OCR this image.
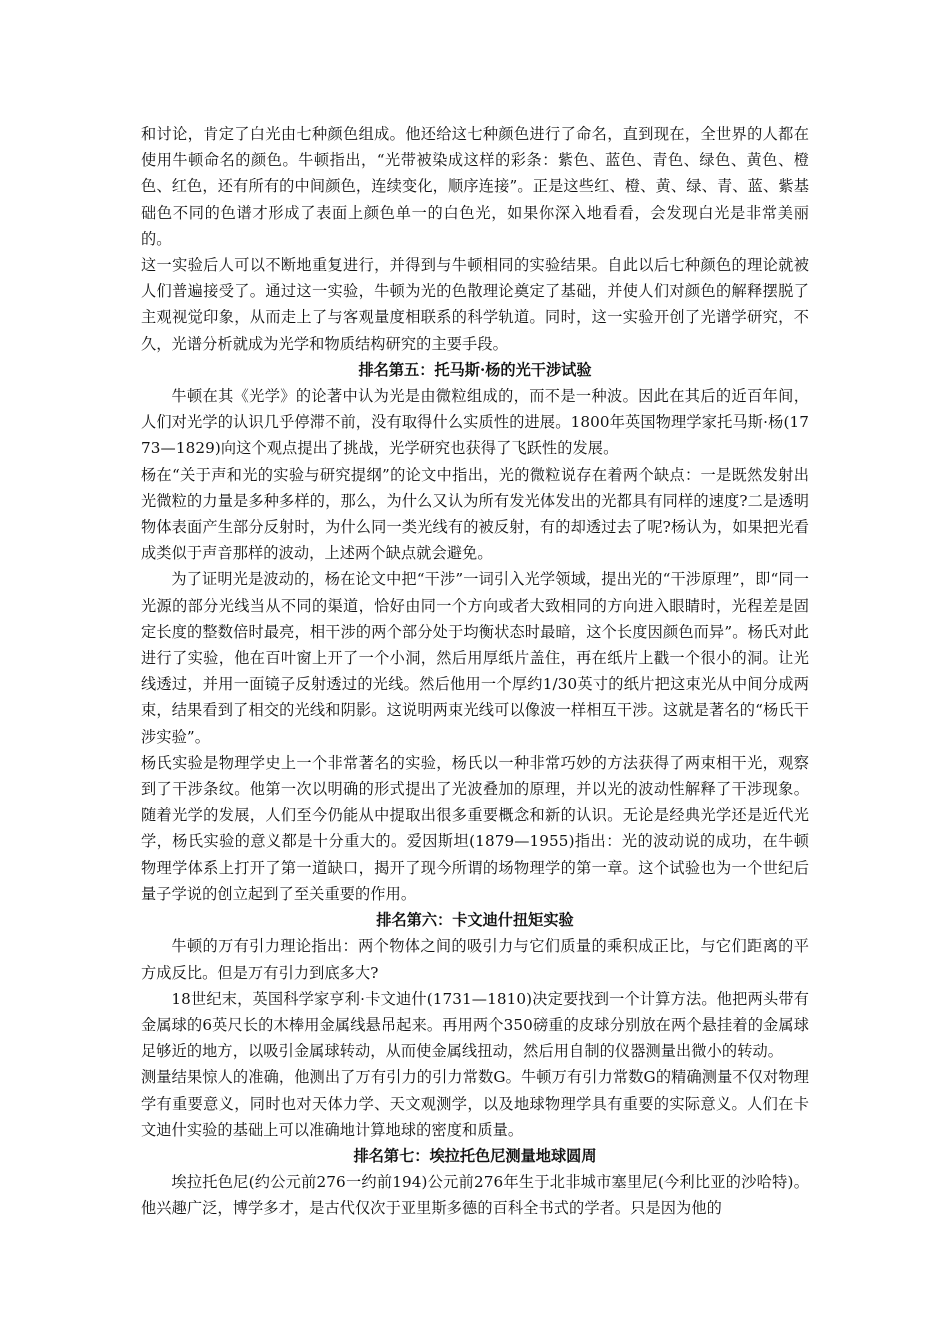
和讨论，肯定了白光由七种颜色组成。他还给这七种颜色进行了命名，直到现在，全世界的人都在使用牛顿命名的颜色。牛顿指出，“光带被染成这样的彩条：紫色、蓝色、青色、绿色、黄色、橙色、红色，还有所有的中间颜色，连续变化，顺序连接”。正是这些红、橙、黄、绿、青、蓝、紫基础色不同的色谱才形成了表面上颜色单一的白色光，如果你深入地看看，会发现白光是非常美丽的。

这一实验后人可以不断地重复进行，并得到与牛顿相同的实验结果。自此以后七种颜色的理论就被人们普遍接受了。通过这一实验，牛顿为光的色散理论奠定了基础，并使人们对颜色的解释摆脱了主观视觉印象，从而走上了与客观量度相联系的科学轨道。同时，这一实验开创了光谱学研究，不久，光谱分析就成为光学和物质结构研究的主要手段。

排名第五：托马斯·杨的光干涉试验

牛顿在其《光学》的论著中认为光是由微粒组成的，而不是一种波。因此在其后的近百年间，人们对光学的认识几乎停滞不前，没有取得什么实质性的进展。1800年英国物理学家托马斯·杨(1773—1829)向这个观点提出了挑战，光学研究也获得了飞跃性的发展。

杨在“关于声和光的实验与研究提纲”的论文中指出，光的微粒说存在着两个缺点：一是既然发射出光微粒的力量是多种多样的，那么，为什么又认为所有发光体发出的光都具有同样的速度?二是透明物体表面产生部分反射时，为什么同一类光线有的被反射，有的却透过去了呢?杨认为，如果把光看成类似于声音那样的波动，上述两个缺点就会避免。

为了证明光是波动的，杨在论文中把“干涉”一词引入光学领域，提出光的“干涉原理”，即“同一光源的部分光线当从不同的渠道，恰好由同一个方向或者大致相同的方向进入眼睛时，光程差是固定长度的整数倍时最亮，相干涉的两个部分处于均衡状态时最暗，这个长度因颜色而异”。杨氏对此进行了实验，他在百叶窗上开了一个小洞，然后用厚纸片盖住，再在纸片上戳一个很小的洞。让光线透过，并用一面镜子反射透过的光线。然后他用一个厚约1/30英寸的纸片把这束光从中间分成两束，结果看到了相交的光线和阴影。这说明两束光线可以像波一样相互干涉。这就是著名的“杨氏干涉实验”。

杨氏实验是物理学史上一个非常著名的实验，杨氏以一种非常巧妙的方法获得了两束相干光，观察到了干涉条纹。他第一次以明确的形式提出了光波叠加的原理，并以光的波动性解释了干涉现象。随着光学的发展，人们至今仍能从中提取出很多重要概念和新的认识。无论是经典光学还是近代光学，杨氏实验的意义都是十分重大的。爱因斯坦(1879—1955)指出：光的波动说的成功，在牛顿物理学体系上打开了第一道缺口，揭开了现今所谓的场物理学的第一章。这个试验也为一个世纪后量子学说的创立起到了至关重要的作用。

排名第六：卡文迪什扭矩实验

牛顿的万有引力理论指出：两个物体之间的吸引力与它们质量的乘积成正比，与它们距离的平方成反比。但是万有引力到底多大?

18世纪末，英国科学家亨利·卡文迪什(1731—1810)决定要找到一个计算方法。他把两头带有金属球的6英尺长的木棒用金属线悬吊起来。再用两个350磅重的皮球分别放在两个悬挂着的金属球足够近的地方，以吸引金属球转动，从而使金属线扭动，然后用自制的仪器测量出微小的转动。

测量结果惊人的准确，他测出了万有引力的引力常数G。牛顿万有引力常数G的精确测量不仅对物理学有重要意义，同时也对天体力学、天文观测学，以及地球物理学具有重要的实际意义。人们在卡文迪什实验的基础上可以准确地计算地球的密度和质量。

排名第七：埃拉托色尼测量地球圆周

埃拉托色尼(约公元前276一约前194)公元前276年生于北非城市塞里尼(今利比亚的沙哈特)。他兴趣广泛，博学多才，是古代仅次于亚里斯多德的百科全书式的学者。只是因为他的
